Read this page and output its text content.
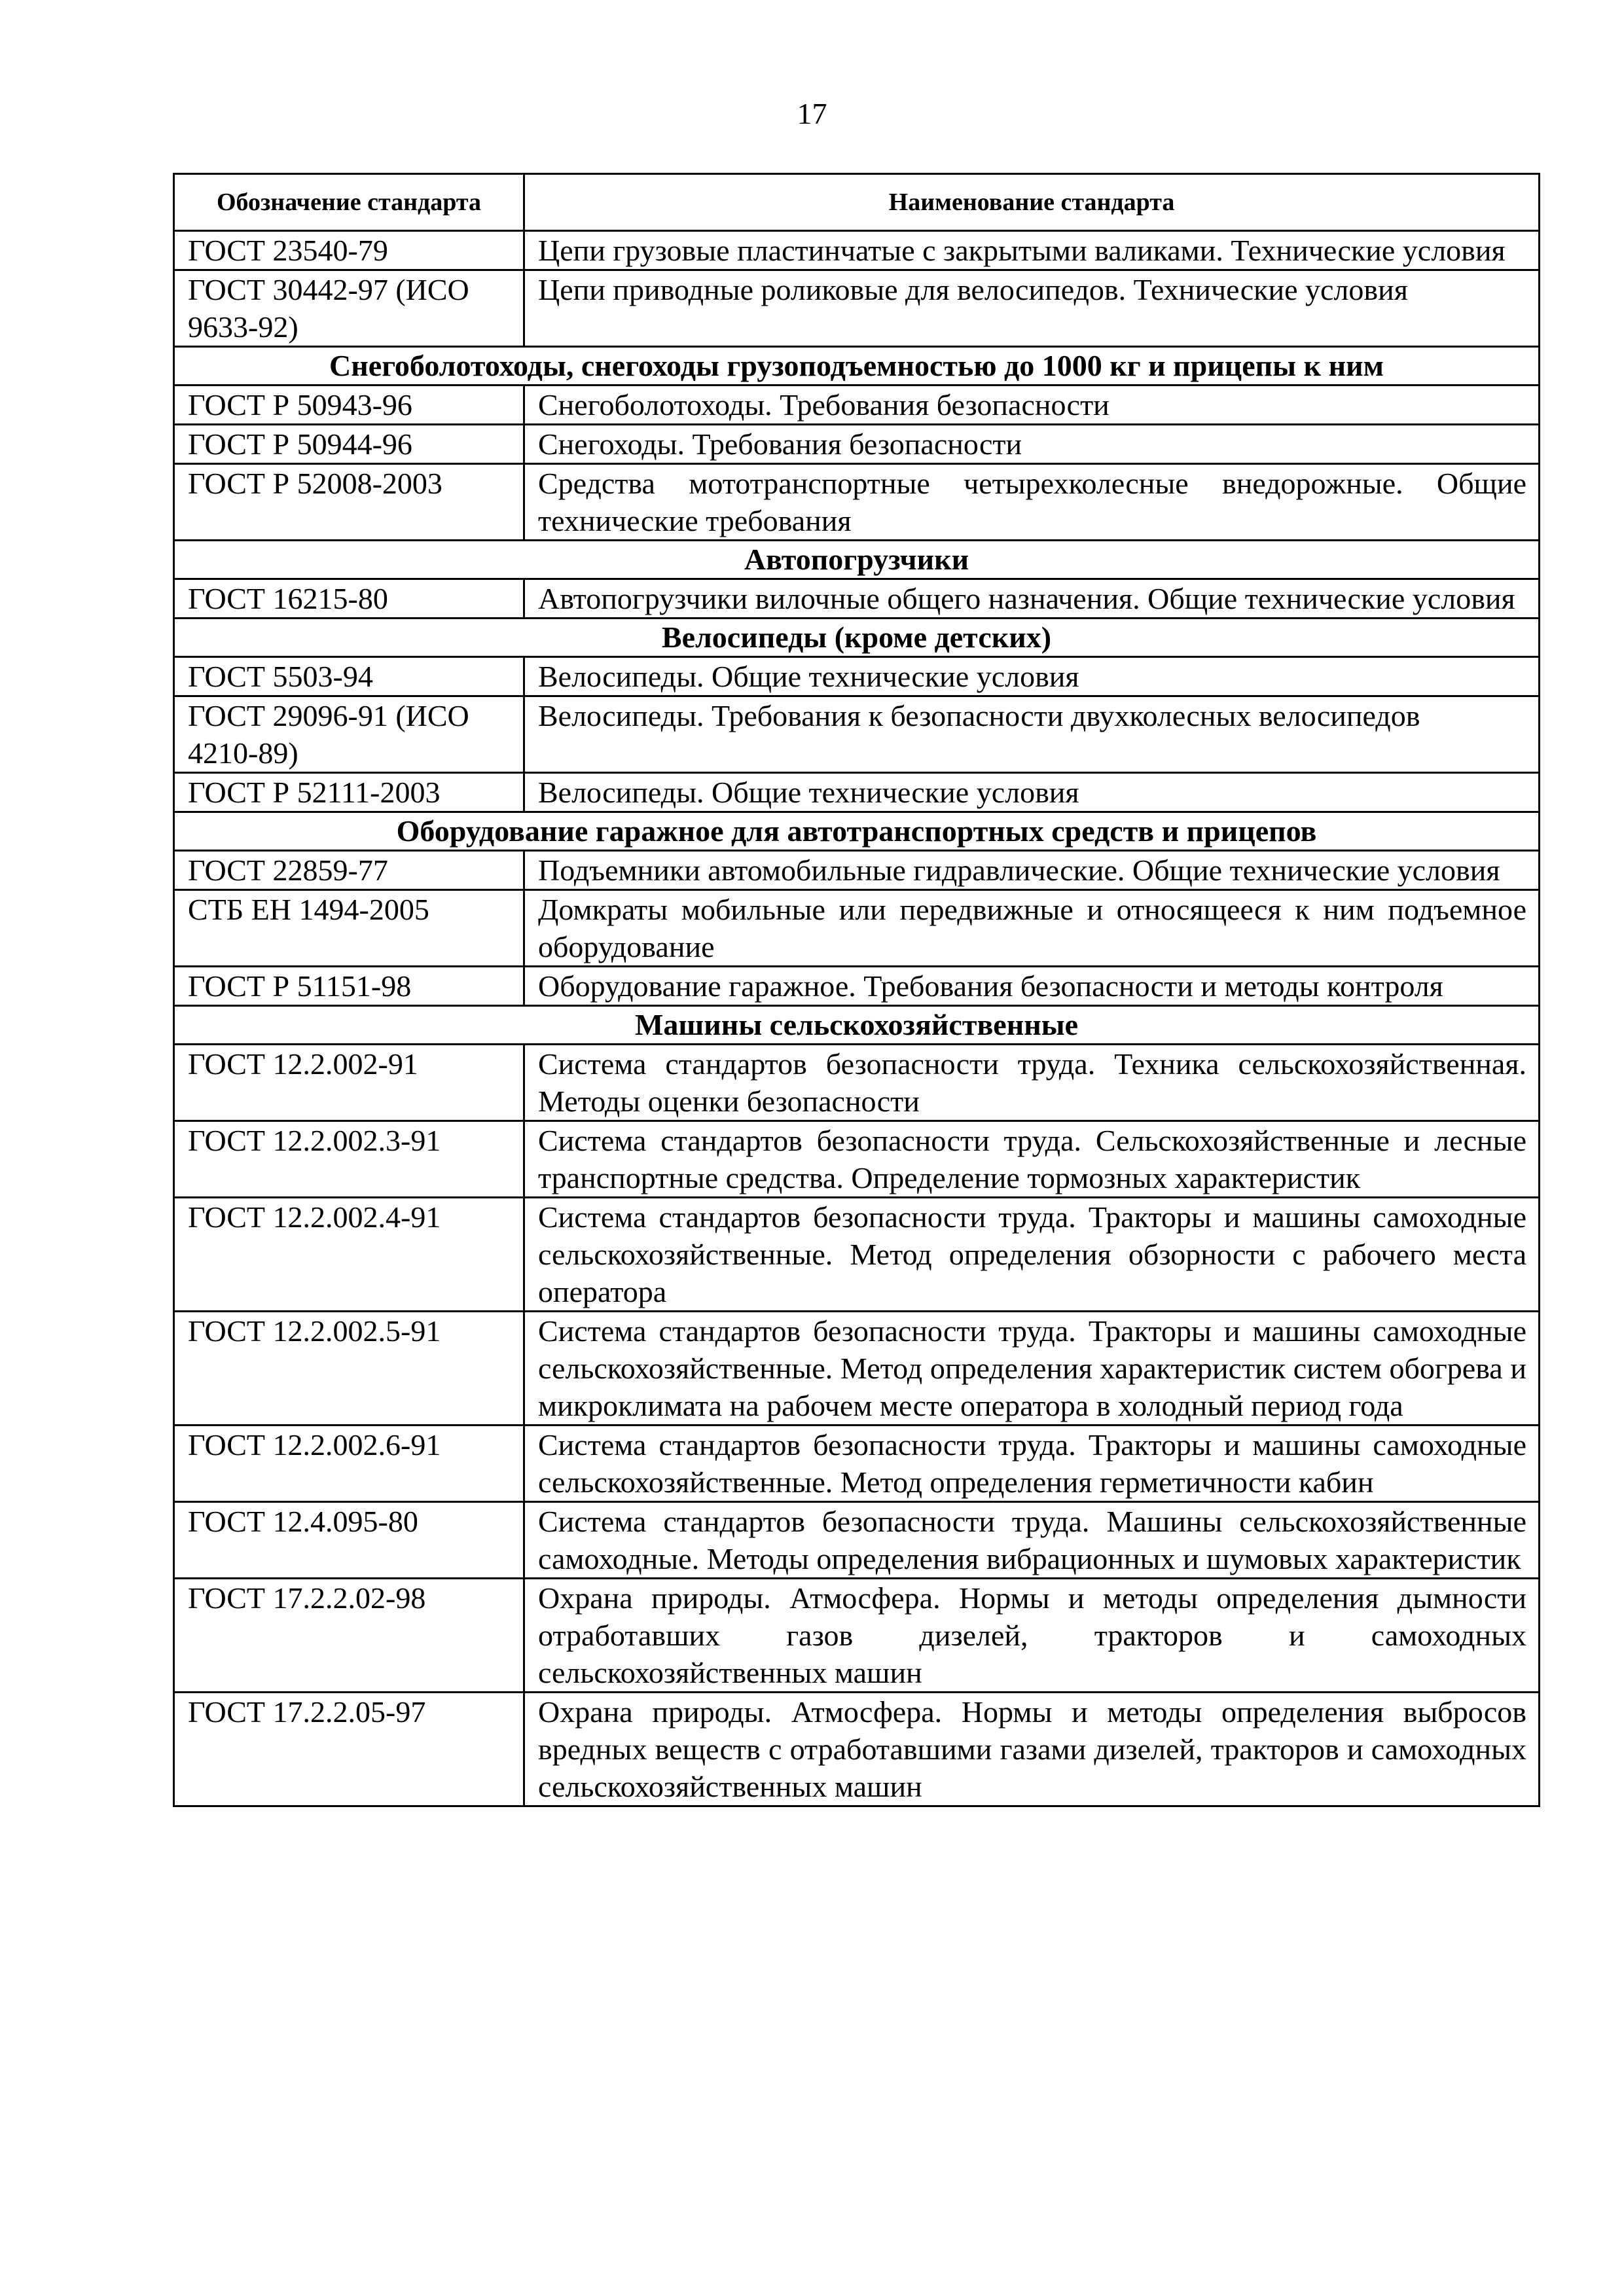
17
Обозначение стандарта	Наименование стандарта
ГОСТ 23540-79	Цепи грузовые пластинчатые с закрытыми валиками. Технические условия
ГОСТ 30442-97 (ИСО 9633-92)	Цепи приводные роликовые для велосипедов. Технические условия
Снегоболотоходы, снегоходы грузоподъемностью до 1000 кг и прицепы к ним	
ГОСТ Р 50943-96	Снегоболотоходы. Требования безопасности
ГОСТ Р 50944-96	Снегоходы. Требования безопасности
ГОСТ Р 52008-2003	Средства мототранспортные четырехколесные внедорожные. Общие технические требования
Автопогрузчики	
ГОСТ 16215-80	Автопогрузчики вилочные общего назначения. Общие технические условия
Велосипеды (кроме детских)	
ГОСТ 5503-94	Велосипеды. Общие технические условия
ГОСТ 29096-91 (ИСО 4210-89)	Велосипеды. Требования к безопасности двухколесных велосипедов
ГОСТ Р 52111-2003	Велосипеды. Общие технические условия
Оборудование гаражное для автотранспортных средств и прицепов	
ГОСТ 22859-77	Подъемники автомобильные гидравлические. Общие технические условия
СТБ ЕН 1494-2005	Домкраты мобильные или передвижные и относящееся к ним подъемное оборудование
ГОСТ Р 51151-98	Оборудование гаражное. Требования безопасности и методы контроля
Машины сельскохозяйственные	
ГОСТ 12.2.002-91	Система стандартов безопасности труда. Техника сельскохозяйственная. Методы оценки безопасности
ГОСТ 12.2.002.3-91	Система стандартов безопасности труда. Сельскохозяйственные и лесные транспортные средства. Определение тормозных характеристик
ГОСТ 12.2.002.4-91	Система стандартов безопасности труда. Тракторы и машины самоходные сельскохозяйственные. Метод определения обзорности с рабочего места оператора
ГОСТ 12.2.002.5-91	Система стандартов безопасности труда. Тракторы и машины самоходные сельскохозяйственные. Метод определения характеристик систем обогрева и микроклимата на рабочем месте оператора в холодный период года
ГОСТ 12.2.002.6-91	Система стандартов безопасности труда. Тракторы и машины самоходные сельскохозяйственные. Метод определения герметичности кабин
ГОСТ 12.4.095-80	Система стандартов безопасности труда. Машины сельскохозяйственные самоходные. Методы определения вибрационных и шумовых характеристик
ГОСТ 17.2.2.02-98	Охрана природы. Атмосфера. Нормы и методы определения дымности отработавших газов дизелей, тракторов и самоходных сельскохозяйственных машин
ГОСТ 17.2.2.05-97	Охрана природы. Атмосфера. Нормы и методы определения выбросов вредных веществ с отработавшими газами дизелей, тракторов и самоходных сельскохозяйственных машин
